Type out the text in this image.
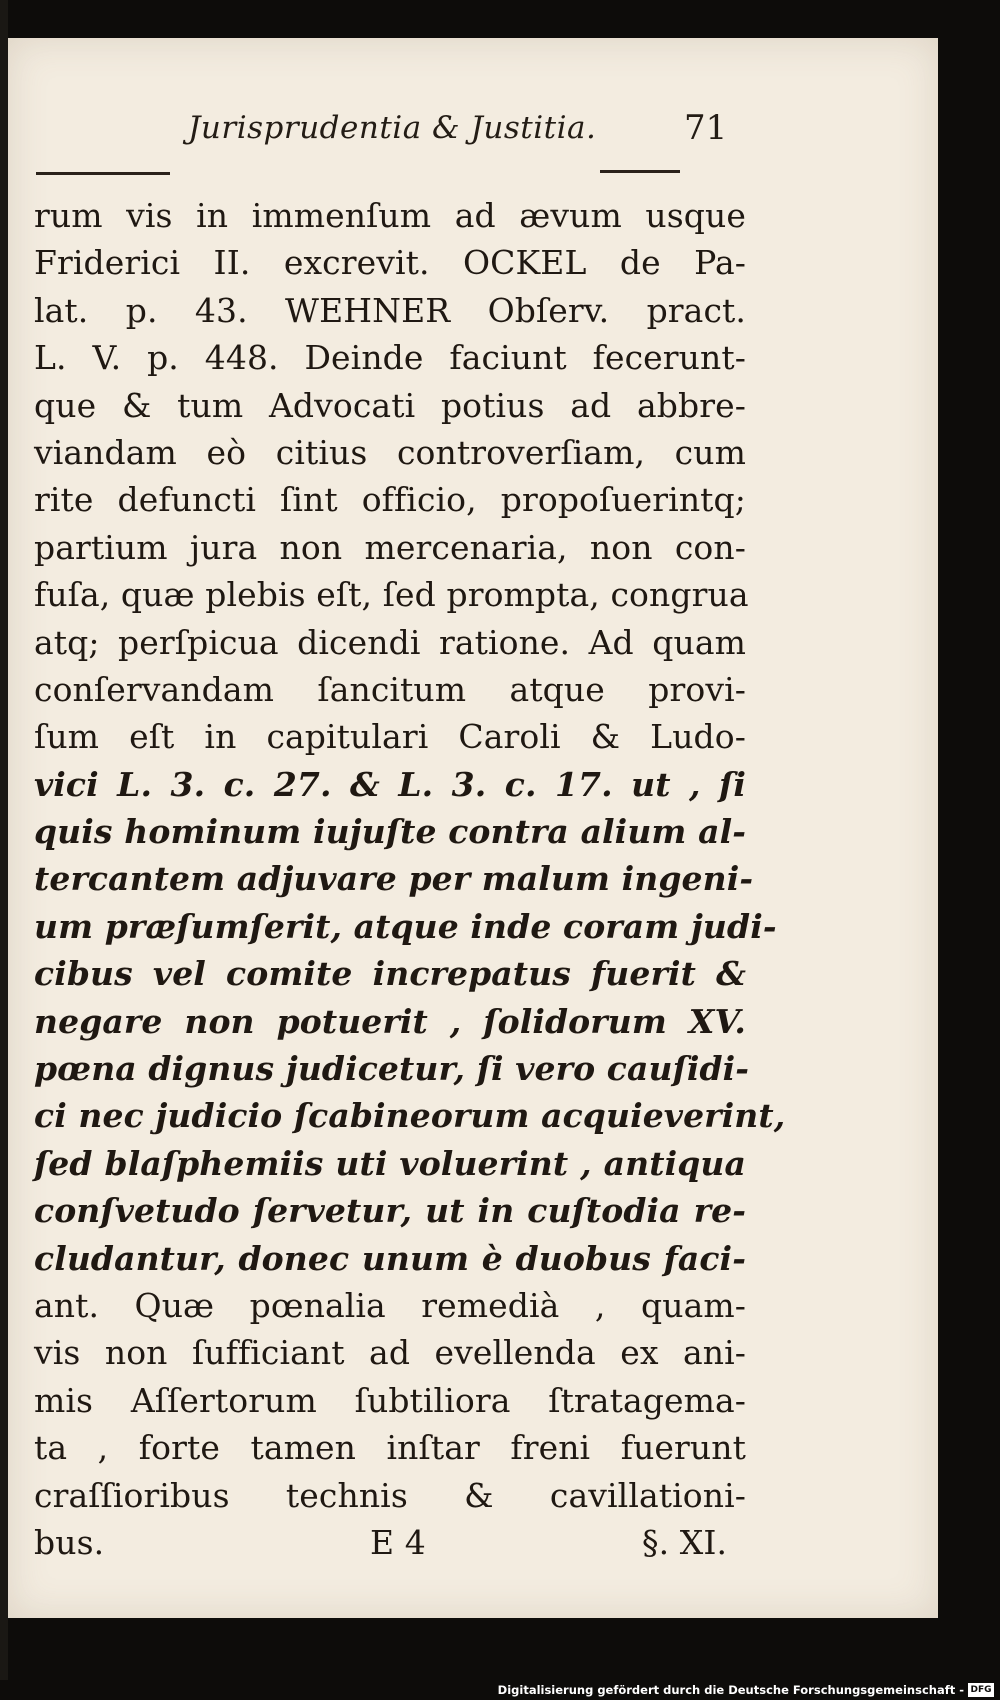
Jurisprudentia & Justitia.	71
rum vis in immenſum ad ævum usque
Friderici II. excrevit. OCKEL de Pa-
lat. p. 43. WEHNER Obſerv. pract.
L. V. p. 448. Deinde faciunt fecerunt-
que & tum Advocati potius ad abbre-
viandam eò citius controverſiam, cum
rite defuncti ſint officio, propoſuerintq;
partium jura non mercenaria, non con-
fuſa, quæ plebis eſt, ſed prompta, congrua
atq; perſpicua dicendi ratione. Ad quam
conſervandam ſancitum atque provi-
ſum eſt in capitulari Caroli & Ludo-
vici L. 3. c. 27. & L. 3. c. 17. ut , ſi
quis hominum iujuſte contra alium al-
tercantem adjuvare per malum ingeni-
um præſumſerit, atque inde coram judi-
cibus vel comite increpatus fuerit &
negare non potuerit , ſolidorum XV.
pœna dignus judicetur, ſi vero cauſidi-
ci nec judicio ſcabineorum acquieverint,
ſed blaſphemiis uti voluerint , antiqua
conſvetudo ſervetur, ut in cuſtodia re-
cludantur, donec unum è duobus faci-
ant. Quæ pœnalia remedià , quam-
vis non ſufficiant ad evellenda ex ani-
mis Aſſertorum ſubtiliora ſtratagema-
ta , forte tamen inſtar freni fuerunt
craſſioribus technis & cavillationi-
bus.	E 4	§. XI.
Digitalisierung gefördert durch die Deutsche Forschungsgemeinschaft - DFG
